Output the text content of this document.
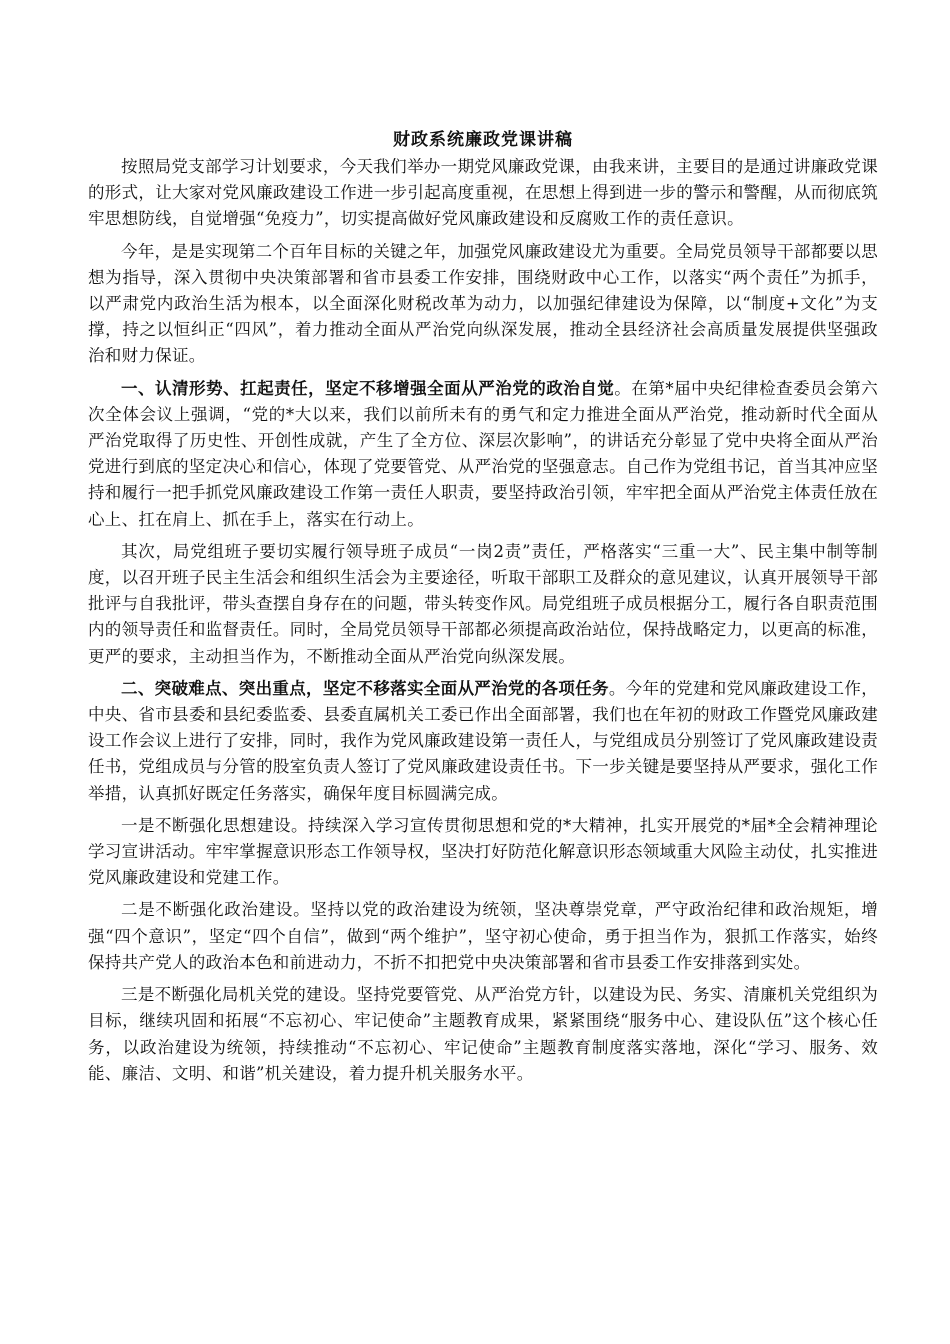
财政系统廉政党课讲稿

按照局党支部学习计划要求，今天我们举办一期党风廉政党课，由我来讲，主要目的是通过讲廉政党课的形式，让大家对党风廉政建设工作进一步引起高度重视，在思想上得到进一步的警示和警醒，从而彻底筑牢思想防线，自觉增强“免疫力”，切实提高做好党风廉政建设和反腐败工作的责任意识。

今年，是是实现第二个百年目标的关键之年，加强党风廉政建设尤为重要。全局党员领导干部都要以思想为指导，深入贯彻中央决策部署和省市县委工作安排，围绕财政中心工作，以落实“两个责任”为抓手，以严肃党内政治生活为根本，以全面深化财税改革为动力，以加强纪律建设为保障，以“制度+文化”为支撑，持之以恒纠正“四风”，着力推动全面从严治党向纵深发展，推动全县经济社会高质量发展提供坚强政治和财力保证。

一、认清形势、扛起责任，坚定不移增强全面从严治党的政治自觉。在第*届中央纪律检查委员会第六次全体会议上强调，“党的*大以来，我们以前所未有的勇气和定力推进全面从严治党，推动新时代全面从严治党取得了历史性、开创性成就，产生了全方位、深层次影响”，的讲话充分彰显了党中央将全面从严治党进行到底的坚定决心和信心，体现了党要管党、从严治党的坚强意志。自己作为党组书记，首当其冲应坚持和履行一把手抓党风廉政建设工作第一责任人职责，要坚持政治引领，牢牢把全面从严治党主体责任放在心上、扛在肩上、抓在手上，落实在行动上。

其次，局党组班子要切实履行领导班子成员“一岗2责”责任，严格落实“三重一大”、民主集中制等制度，以召开班子民主生活会和组织生活会为主要途径，听取干部职工及群众的意见建议，认真开展领导干部批评与自我批评，带头查摆自身存在的问题，带头转变作风。局党组班子成员根据分工，履行各自职责范围内的领导责任和监督责任。同时，全局党员领导干部都必须提高政治站位，保持战略定力，以更高的标准，更严的要求，主动担当作为，不断推动全面从严治党向纵深发展。

二、突破难点、突出重点，坚定不移落实全面从严治党的各项任务。今年的党建和党风廉政建设工作，中央、省市县委和县纪委监委、县委直属机关工委已作出全面部署，我们也在年初的财政工作暨党风廉政建设工作会议上进行了安排，同时，我作为党风廉政建设第一责任人，与党组成员分别签订了党风廉政建设责任书，党组成员与分管的股室负责人签订了党风廉政建设责任书。下一步关键是要坚持从严要求，强化工作举措，认真抓好既定任务落实，确保年度目标圆满完成。

一是不断强化思想建设。持续深入学习宣传贯彻思想和党的*大精神，扎实开展党的*届*全会精神理论学习宣讲活动。牢牢掌握意识形态工作领导权，坚决打好防范化解意识形态领域重大风险主动仗，扎实推进党风廉政建设和党建工作。

二是不断强化政治建设。坚持以党的政治建设为统领，坚决尊崇党章，严守政治纪律和政治规矩，增强“四个意识”，坚定“四个自信”，做到“两个维护”，坚守初心使命，勇于担当作为，狠抓工作落实，始终保持共产党人的政治本色和前进动力，不折不扣把党中央决策部署和省市县委工作安排落到实处。

三是不断强化局机关党的建设。坚持党要管党、从严治党方针，以建设为民、务实、清廉机关党组织为目标，继续巩固和拓展“不忘初心、牢记使命”主题教育成果，紧紧围绕“服务中心、建设队伍”这个核心任务，以政治建设为统领，持续推动“不忘初心、牢记使命”主题教育制度落实落地，深化“学习、服务、效能、廉洁、文明、和谐”机关建设，着力提升机关服务水平。
